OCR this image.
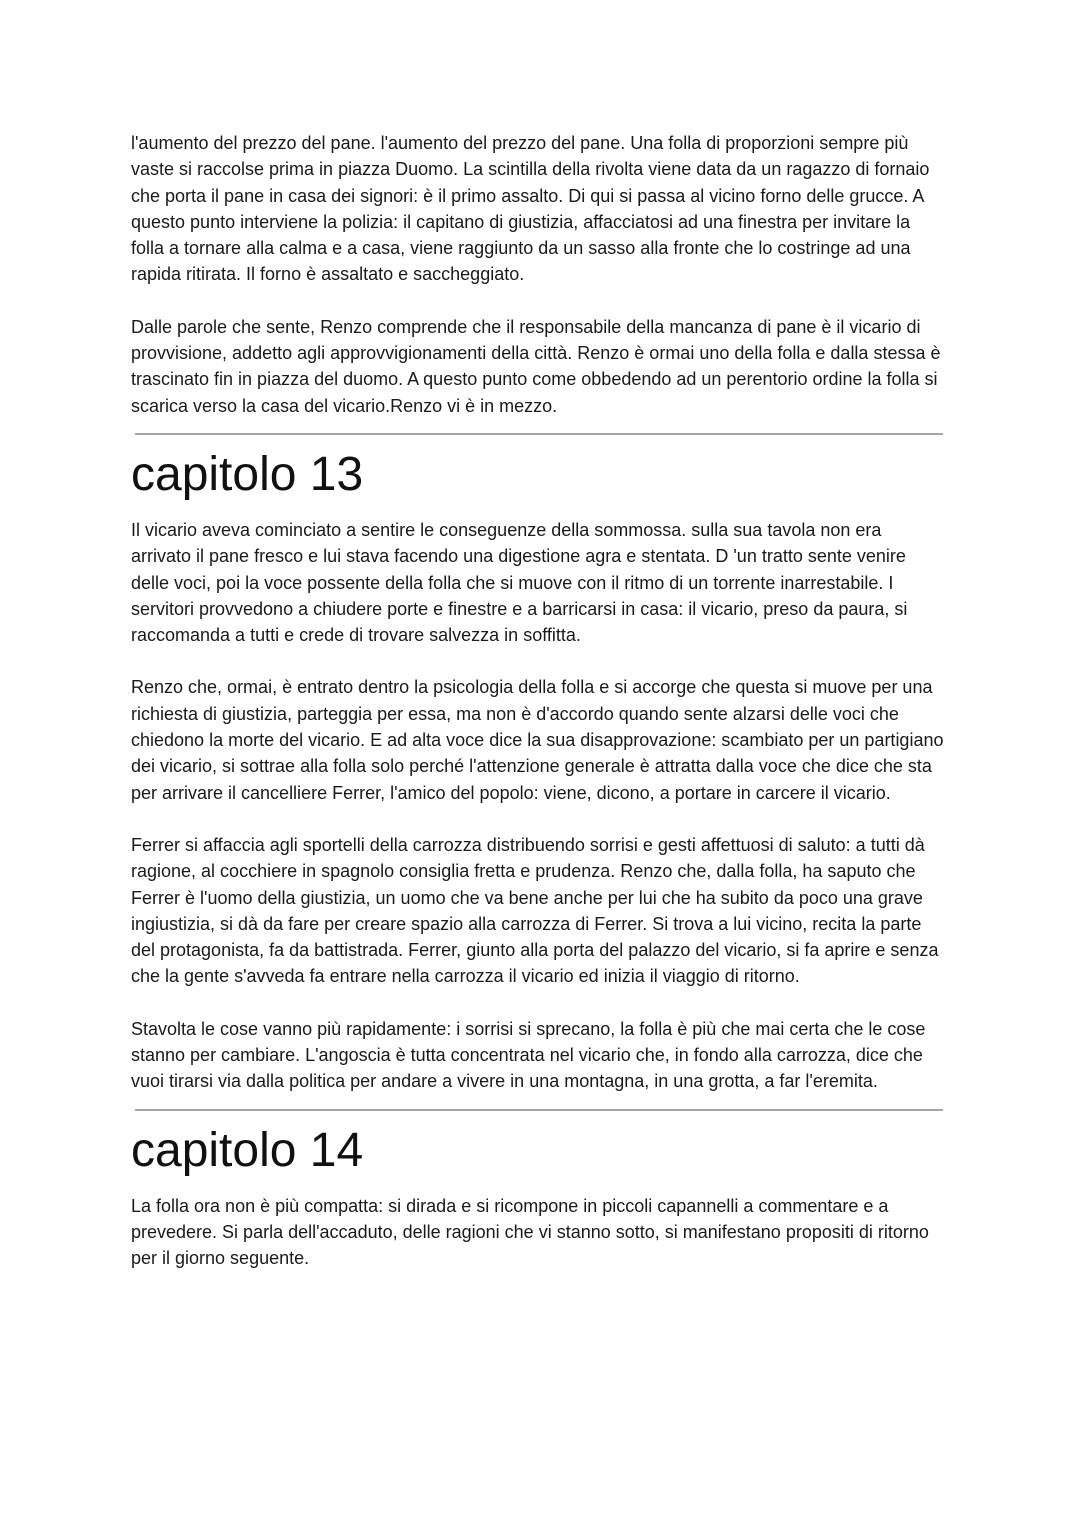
l'aumento del prezzo del pane. l'aumento del prezzo del pane. Una folla di proporzioni sempre più vaste si raccolse prima in piazza Duomo. La scintilla della rivolta viene data da un ragazzo di fornaio che porta il pane in casa dei signori: è il primo assalto. Di qui si passa al vicino forno delle grucce. A questo punto interviene la polizia: il capitano di giustizia, affacciatosi ad una finestra per invitare la folla a tornare alla calma e a casa, viene raggiunto da un sasso alla fronte che lo costringe ad una rapida ritirata. Il forno è assaltato e saccheggiato.

Dalle parole che sente, Renzo comprende che il responsabile della mancanza di pane è il vicario di provvisione, addetto agli approvvigionamenti della città. Renzo è ormai uno della folla e dalla stessa è trascinato fin in piazza del duomo. A questo punto come obbedendo ad un perentorio ordine la folla si scarica verso la casa del vicario.Renzo vi è in mezzo.

capitolo 13

Il vicario aveva cominciato a sentire le conseguenze della sommossa. sulla sua tavola non era arrivato il pane fresco e lui stava facendo una digestione agra e stentata. D 'un tratto sente venire delle voci, poi la voce possente della folla che si muove con il ritmo di un torrente inarrestabile. I servitori provvedono a chiudere porte e finestre e a barricarsi in casa: il vicario, preso da paura, si raccomanda a tutti e crede di trovare salvezza in soffitta.

Renzo che, ormai, è entrato dentro la psicologia della folla e si accorge che questa si muove per una richiesta di giustizia, parteggia per essa, ma non è d'accordo quando sente alzarsi delle voci che chiedono la morte del vicario. E ad alta voce dice la sua disapprovazione: scambiato per un partigiano dei vicario, si sottrae alla folla solo perché l'attenzione generale è attratta dalla voce che dice che sta per arrivare il cancelliere Ferrer, l'amico del popolo: viene, dicono, a portare in carcere il vicario.

Ferrer si affaccia agli sportelli della carrozza distribuendo sorrisi e gesti affettuosi di saluto: a tutti dà ragione, al cocchiere in spagnolo consiglia fretta e prudenza. Renzo che, dalla folla, ha saputo che Ferrer è l'uomo della giustizia, un uomo che va bene anche per lui che ha subito da poco una grave ingiustizia, si dà da fare per creare spazio alla carrozza di Ferrer. Si trova a lui vicino, recita la parte del protagonista, fa da battistrada. Ferrer, giunto alla porta del palazzo del vicario, si fa aprire e senza che la gente s'avveda fa entrare nella carrozza il vicario ed inizia il viaggio di ritorno.

Stavolta le cose vanno più rapidamente: i sorrisi si sprecano, la folla è più che mai certa che le cose stanno per cambiare. L'angoscia è tutta concentrata nel vicario che, in fondo alla carrozza, dice che vuoi tirarsi via dalla politica per andare a vivere in una montagna, in una grotta, a far l'eremita.

capitolo 14

La folla ora non è più compatta: si dirada e si ricompone in piccoli capannelli a commentare e a prevedere. Si parla dell'accaduto, delle ragioni che vi stanno sotto, si manifestano propositi di ritorno per il giorno seguente.
